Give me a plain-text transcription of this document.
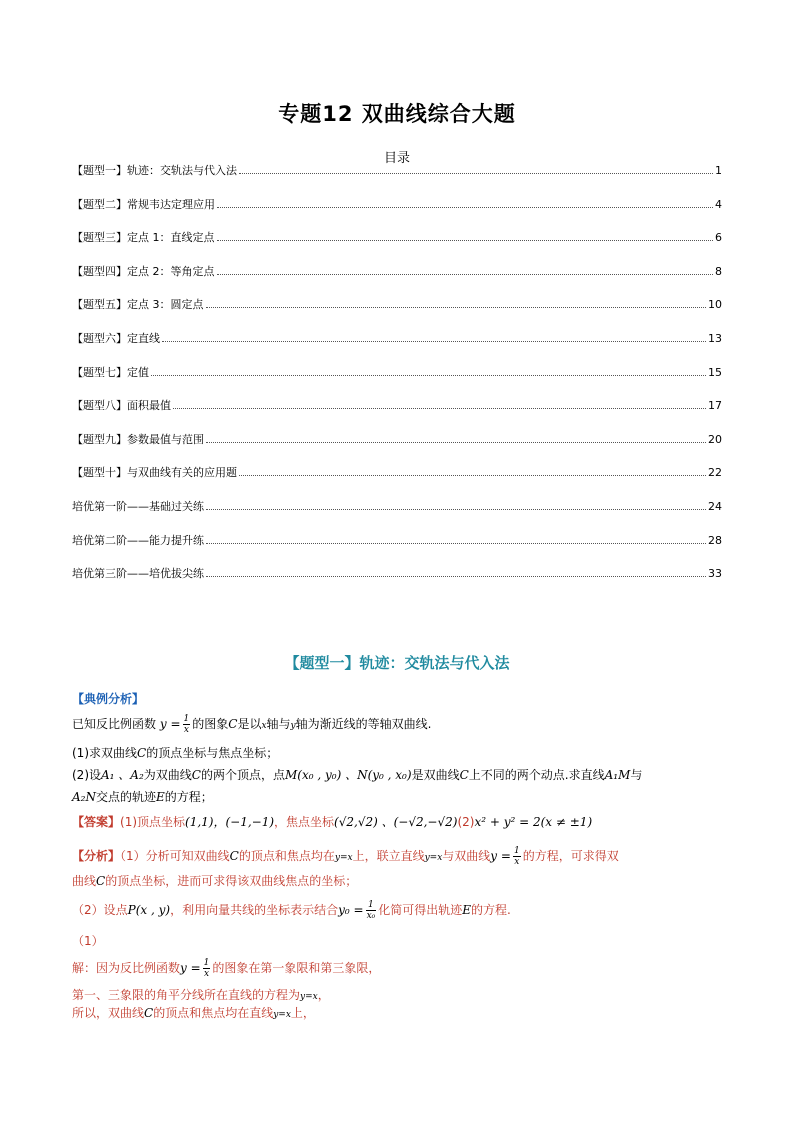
专题12 双曲线综合大题
目录
【题型一】轨迹：交轨法与代入法	1
【题型二】常规韦达定理应用	4
【题型三】定点 1：直线定点	6
【题型四】定点 2：等角定点	8
【题型五】定点 3：圆定点	10
【题型六】定直线	13
【题型七】定值	15
【题型八】面积最值	17
【题型九】参数最值与范围	20
【题型十】与双曲线有关的应用题	22
培优第一阶——基础过关练	24
培优第二阶——能力提升练	28
培优第三阶——培优拔尖练	33
【题型一】轨迹：交轨法与代入法
【典例分析】
已知反比例函数 $y = \frac{1}{x}$ 的图象C是以x轴与y轴为渐近线的等轴双曲线.
(1)求双曲线C的顶点坐标与焦点坐标；
(2)设A₁ 、A₂为双曲线C的两个顶点，点M(x₀ , y₀) 、N(y₀ , x₀)是双曲线C上不同的两个动点.求直线A₁M与
A₂N交点的轨迹E的方程；
【答案】(1)顶点坐标(1,1)，(−1,−1)，焦点坐标(√2,√2) 、(−√2,−√2)(2)x² + y² = 2(x ≠ ±1)
【分析】（1）分析可知双曲线C的顶点和焦点均在y=x上，联立直线y=x与双曲线$y = \frac{1}{x}$ 的方程，可求得双
曲线C的顶点坐标，进而可求得该双曲线焦点的坐标；
（2）设点P(x , y)，利用向量共线的坐标表示结合$y_0 = \frac{1}{\text{x₀}}$ 化简可得出轨迹E的方程.
（1）
解：因为反比例函数$y = \frac{1}{x}$ 的图象在第一象限和第三象限，
第一、三象限的角平分线所在直线的方程为y=x，
所以，双曲线C的顶点和焦点均在直线y=x上，
